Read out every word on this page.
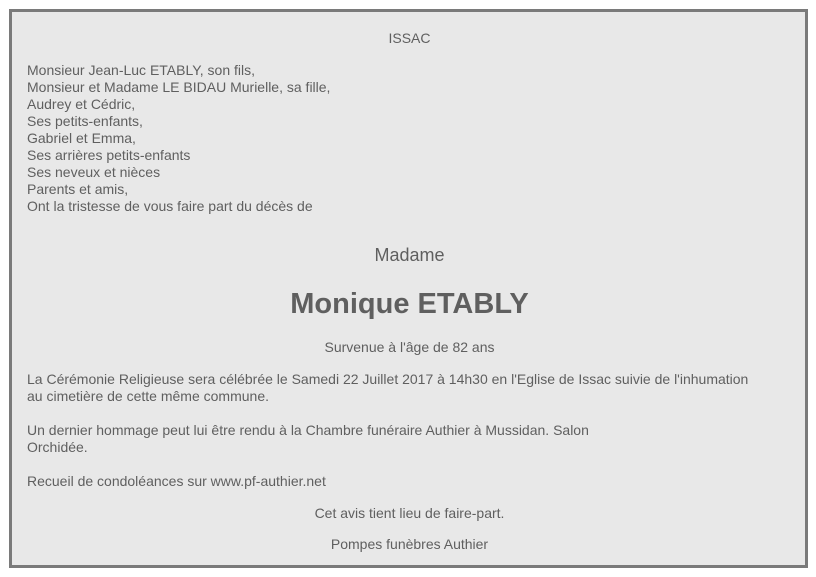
ISSAC
Monsieur Jean-Luc ETABLY, son fils,
Monsieur et Madame LE BIDAU Murielle, sa fille,
Audrey et Cédric,
Ses petits-enfants,
Gabriel et Emma,
Ses arrières petits-enfants
Ses neveux et nièces
Parents et amis,
Ont la tristesse de vous faire part du décès de
Madame
Monique ETABLY
Survenue à l'âge de 82 ans
La Cérémonie Religieuse sera célébrée le Samedi 22 Juillet 2017 à 14h30 en l'Eglise de Issac suivie de l'inhumation
au cimetière de cette même commune.
Un dernier hommage peut lui être rendu à la Chambre funéraire Authier à Mussidan. Salon
Orchidée.
Recueil de condoléances sur www.pf-authier.net
Cet avis tient lieu de faire-part.
Pompes funèbres Authier
